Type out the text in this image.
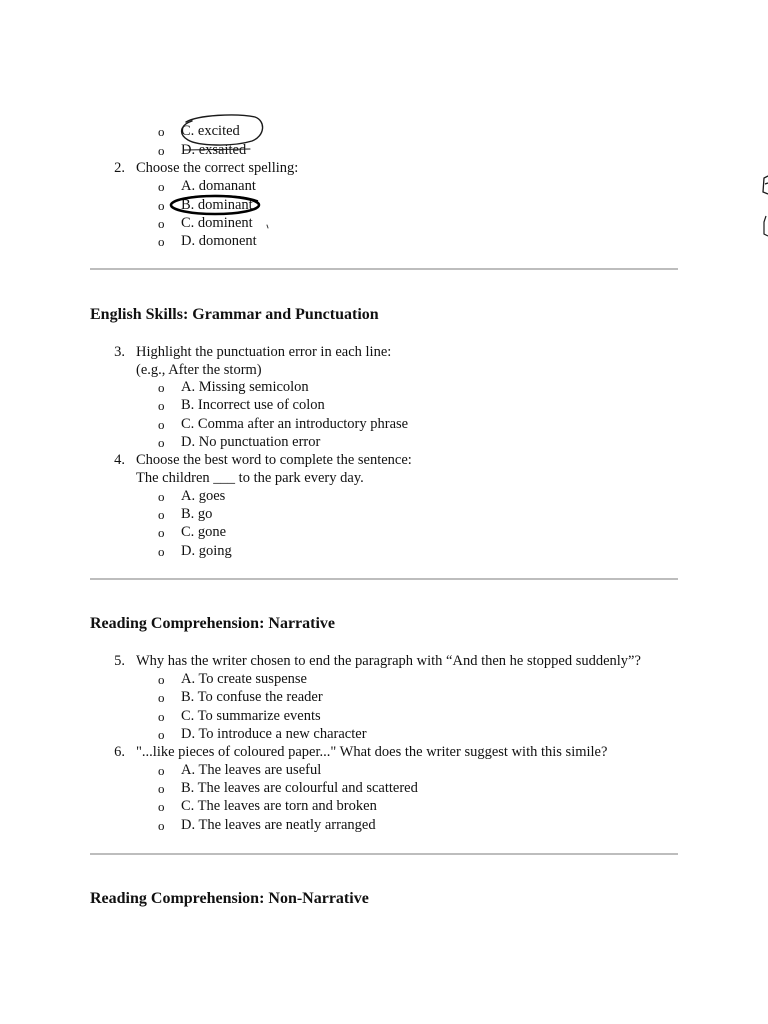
o C. excited
o D. exsaited
2. Choose the correct spelling:
o A. domanant
o B. dominant
o C. dominent
o D. domonent
English Skills: Grammar and Punctuation
3. Highlight the punctuation error in each line:
(e.g., After the storm)
o A. Missing semicolon
o B. Incorrect use of colon
o C. Comma after an introductory phrase
o D. No punctuation error
4. Choose the best word to complete the sentence:
The children ___ to the park every day.
o A. goes
o B. go
o C. gone
o D. going
Reading Comprehension: Narrative
5. Why has the writer chosen to end the paragraph with “And then he stopped suddenly”?
o A. To create suspense
o B. To confuse the reader
o C. To summarize events
o D. To introduce a new character
6. "...like pieces of coloured paper..." What does the writer suggest with this simile?
o A. The leaves are useful
o B. The leaves are colourful and scattered
o C. The leaves are torn and broken
o D. The leaves are neatly arranged
Reading Comprehension: Non-Narrative
